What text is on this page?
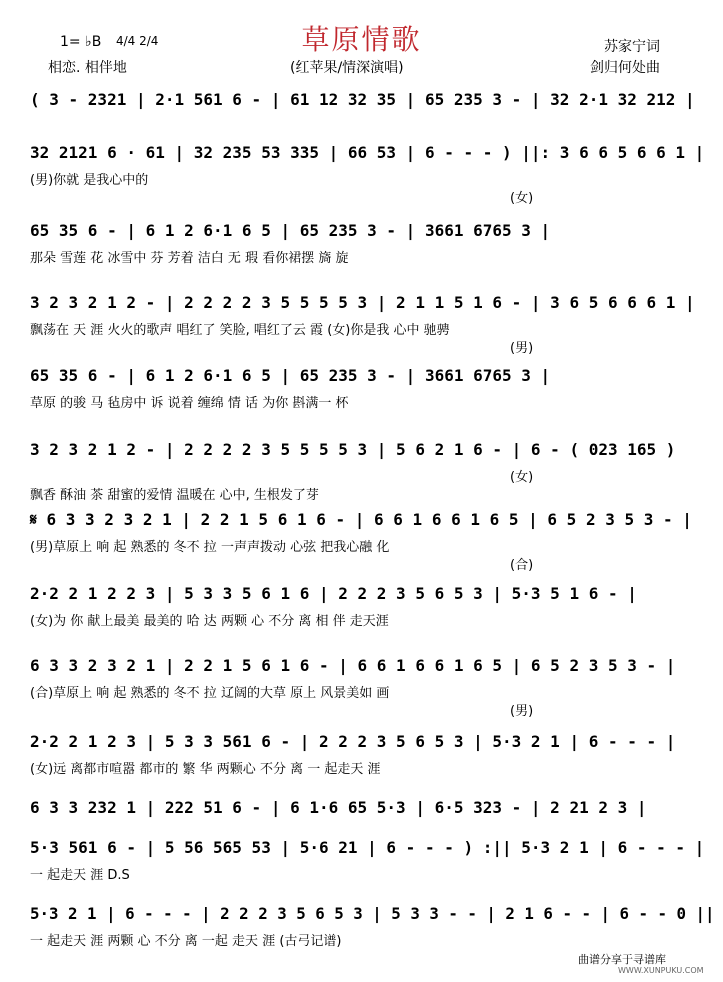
1= ♭B 4/4 2/4	草原情歌
相恋. 相伴地	(红苹果/情深演唱)
苏家宁词
剑归何处曲
( 3 - 2321 | 2·1 561 6 - | 61 12 32 35 | 65 235 3 - | 32 2·1 32 212 |
32 2121 6 · 61 | 32 235 53 335 | 66 53 | 6 - - - ) ||: 3 6 6 5 6 6 1 |
(男)你就 是我心中的
(女)
65 35 6 - | 6 1 2 6·1 6 5 | 65 235 3 - | 3661 6765 3 |
那朵 雪莲 花 冰雪中 芬 芳着 洁白 无 瑕 看你裙摆 旖 旋
3 2 3 2 1 2 - | 2 2 2 2 3 5 5 5 5 3 | 2 1 1 5 1 6 - | 3 6 5 6 6 6 1 |
飘荡在 天 涯 火火的歌声 唱红了 笑脸, 唱红了云 霞 (女)你是我 心中 驰骋
(男)
65 35 6 - | 6 1 2 6·1 6 5 | 65 235 3 - | 3661 6765 3 |
草原 的骏 马 毡房中 诉 说着 缠绵 情 话 为你 斟满一 杯
3 2 3 2 1 2 - | 2 2 2 2 3 5 5 5 5 3 | 5 6 2 1 6 - | 6 - ( 023 165 )
(女)
飘香 酥油 茶 甜蜜的爱情 温暖在 心中, 生根发了芽
𝄋 6 3 3 2 3 2 1 | 2 2 1 5 6 1 6 - | 6 6 1 6 6 1 6 5 | 6 5 2 3 5 3 - |
(男)草原上 响 起 熟悉的 冬不 拉 一声声拨动 心弦 把我心融 化
(合)
2·2 2 1 2 2 3 | 5 3 3 5 6 1 6 | 2 2 2 3 5 6 5 3 | 5·3 5 1 6 - |
(女)为 你 献上最美 最美的 哈 达 两颗 心 不分 离 相 伴 走天涯
6 3 3 2 3 2 1 | 2 2 1 5 6 1 6 - | 6 6 1 6 6 1 6 5 | 6 5 2 3 5 3 - |
(合)草原上 响 起 熟悉的 冬不 拉 辽阔的大草 原上 风景美如 画
(男)
2·2 2 1 2 3 | 5 3 3 561 6 - | 2 2 2 3 5 6 5 3 | 5·3 2 1 | 6 - - - |
(女)远 离都市喧嚣 都市的 繁 华 两颗心 不分 离 一 起走天 涯
6 3 3 232 1 | 222 51 6 - | 6 1·6 65 5·3 | 6·5 323 - | 2 21 2 3 |
5·3 561 6 - | 5 56 565 53 | 5·6 21 | 6 - - - ) :|| 5·3 2 1 | 6 - - - |
一 起走天 涯 D.S
5·3 2 1 | 6 - - - | 2 2 2 3 5 6 5 3 | 5 3 3 - - | 2 1 6 - - | 6 - - 0 ||
一 起走天 涯 两颗 心 不分 离 一起 走天 涯 (古弓记谱)
曲谱分享于寻谱库
WWW.XUNPUKU.COM
